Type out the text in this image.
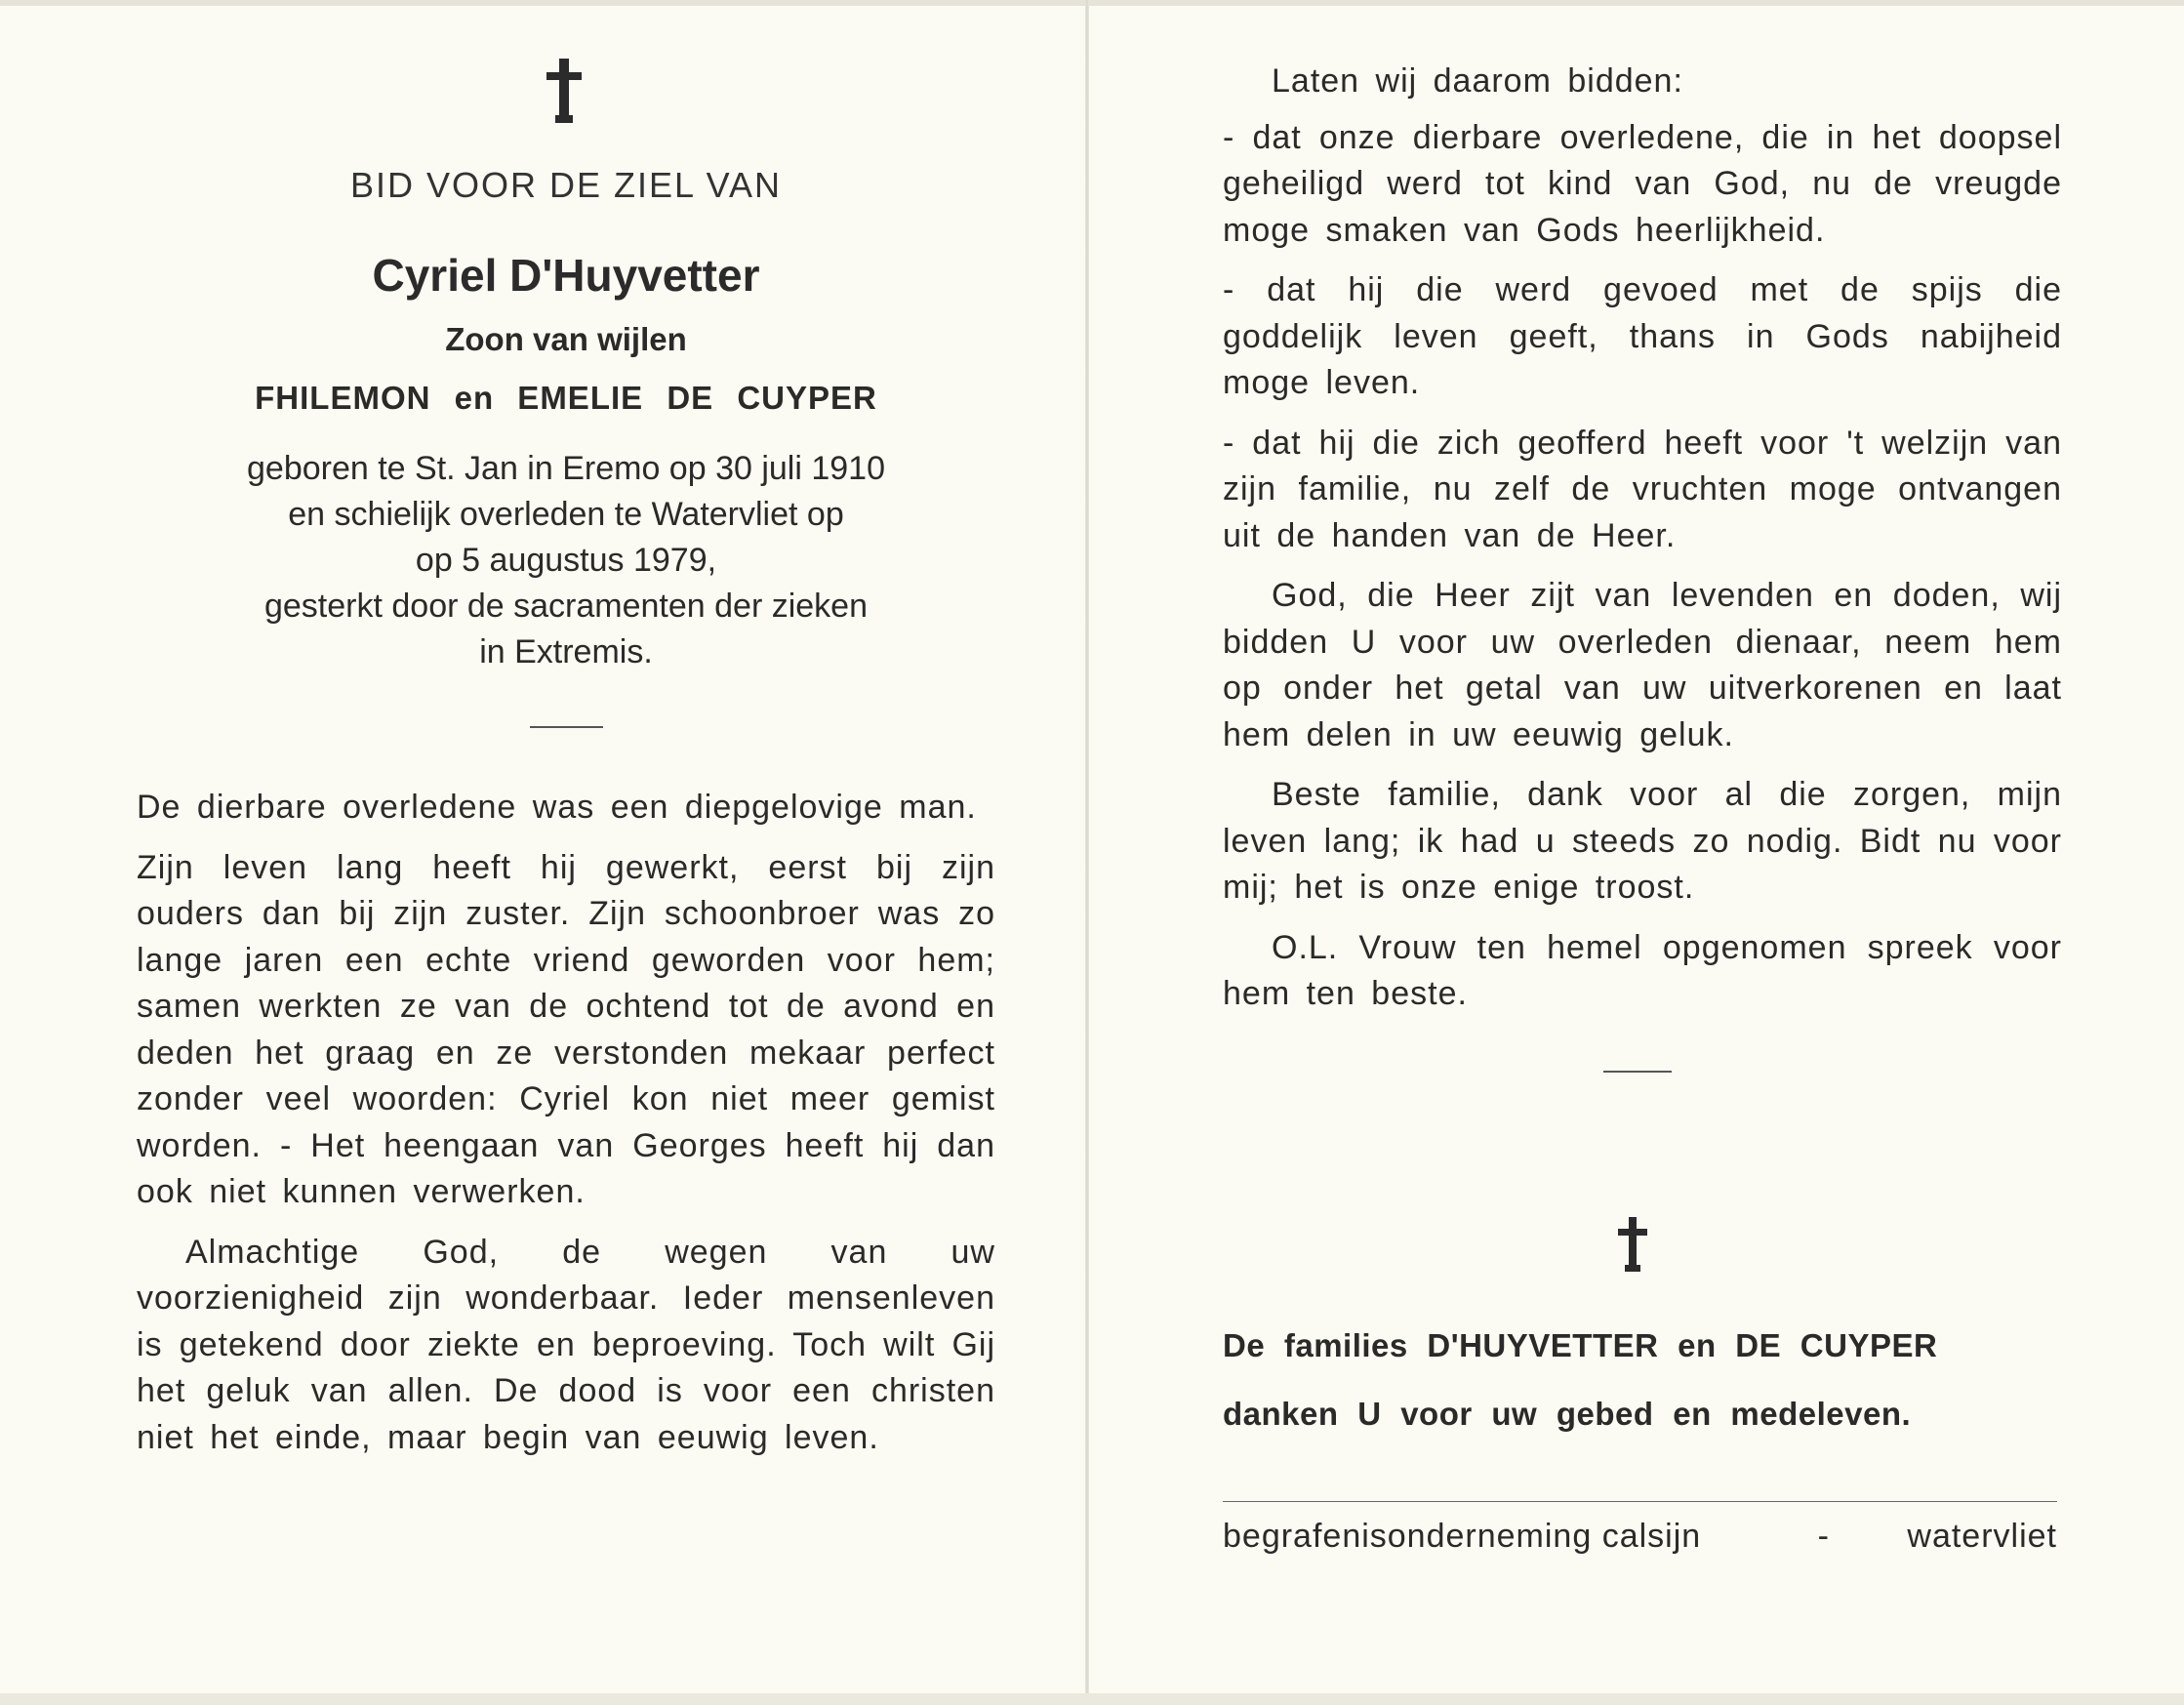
BID VOOR DE ZIEL VAN
Cyriel D'Huyvetter
Zoon van wijlen
FHILEMON en EMELIE DE CUYPER
geboren te St. Jan in Eremo op 30 juli 1910
en schielijk overleden te Watervliet op
op 5 augustus 1979,
gesterkt door de sacramenten der zieken
in Extremis.

De dierbare overledene was een diepgelovige man.

Zijn leven lang heeft hij gewerkt, eerst bij zijn ouders dan bij zijn zuster. Zijn schoonbroer was zo lange jaren een echte vriend geworden voor hem; samen werkten ze van de ochtend tot de avond en deden het graag en ze verstonden mekaar perfect zonder veel woorden: Cyriel kon niet meer gemist worden. - Het heengaan van Georges heeft hij dan ook niet kunnen verwerken.

Almachtige God, de wegen van uw voorzienigheid zijn wonderbaar. Ieder mensenleven is getekend door ziekte en beproeving. Toch wilt Gij het geluk van allen. De dood is voor een christen niet het einde, maar begin van eeuwig leven.

Laten wij daarom bidden:

- dat onze dierbare overledene, die in het doopsel geheiligd werd tot kind van God, nu de vreugde moge smaken van Gods heerlijkheid.

- dat hij die werd gevoed met de spijs die goddelijk leven geeft, thans in Gods nabijheid moge leven.

- dat hij die zich geofferd heeft voor 't welzijn van zijn familie, nu zelf de vruchten moge ontvangen uit de handen van de Heer.

God, die Heer zijt van levenden en doden, wij bidden U voor uw overleden dienaar, neem hem op onder het getal van uw uitverkorenen en laat hem delen in uw eeuwig geluk.

Beste familie, dank voor al die zorgen, mijn leven lang; ik had u steeds zo nodig. Bidt nu voor mij; het is onze enige troost.

O.L. Vrouw ten hemel opgenomen spreek voor hem ten beste.

De families D'HUYVETTER en DE CUYPER
danken U voor uw gebed en medeleven.
begrafenisonderneming calsijn	- watervliet
